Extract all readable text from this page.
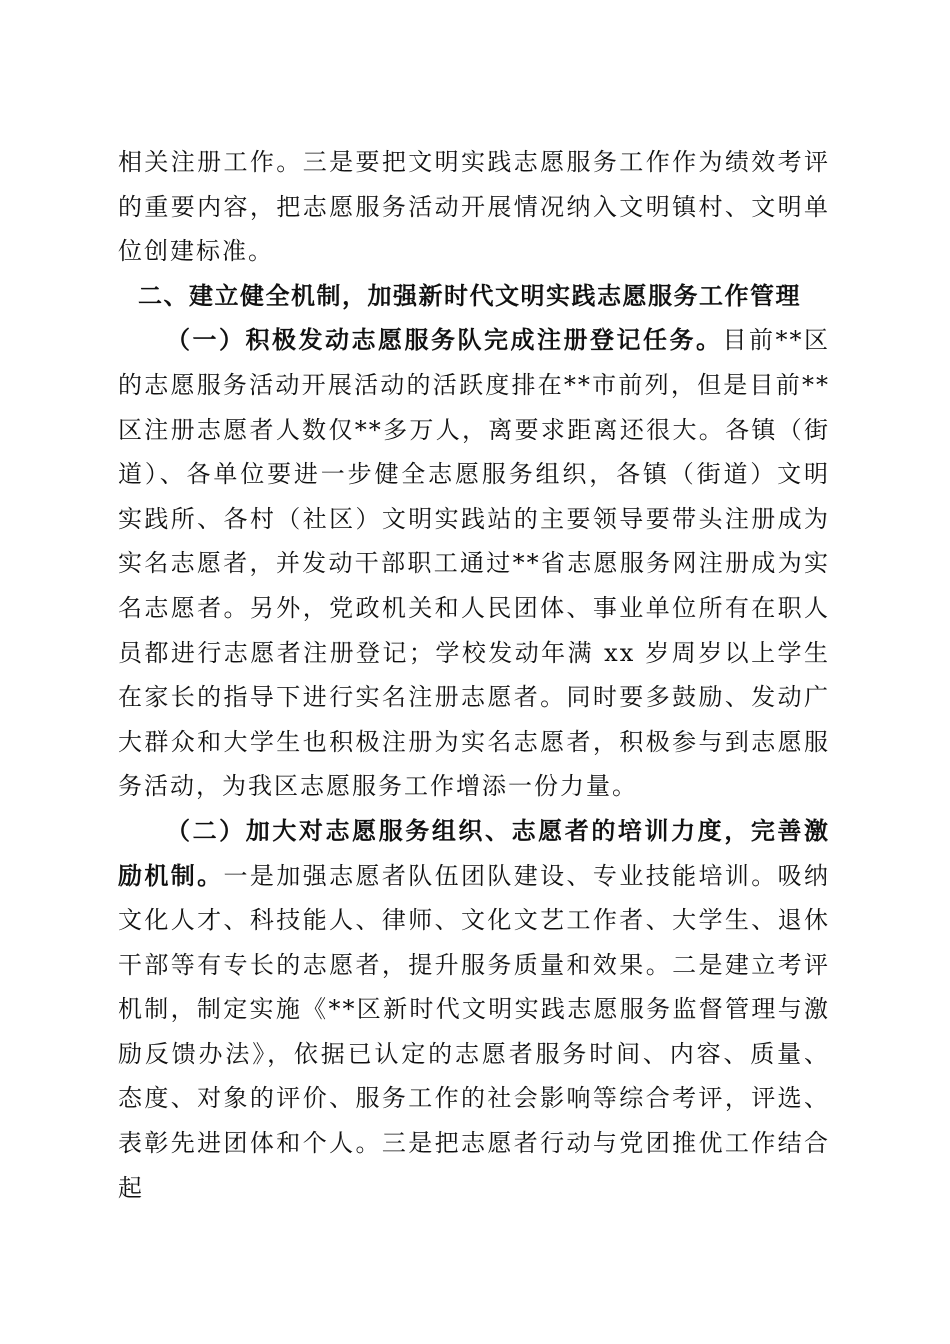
相关注册工作。三是要把文明实践志愿服务工作作为绩效考评的重要内容，把志愿服务活动开展情况纳入文明镇村、文明单位创建标准。

二、建立健全机制，加强新时代文明实践志愿服务工作管理

（一）积极发动志愿服务队完成注册登记任务。目前**区的志愿服务活动开展活动的活跃度排在**市前列，但是目前**区注册志愿者人数仅**多万人，离要求距离还很大。各镇（街道）、各单位要进一步健全志愿服务组织，各镇（街道）文明实践所、各村（社区）文明实践站的主要领导要带头注册成为实名志愿者，并发动干部职工通过**省志愿服务网注册成为实名志愿者。另外，党政机关和人民团体、事业单位所有在职人员都进行志愿者注册登记；学校发动年满 xx 岁周岁以上学生在家长的指导下进行实名注册志愿者。同时要多鼓励、发动广大群众和大学生也积极注册为实名志愿者，积极参与到志愿服务活动，为我区志愿服务工作增添一份力量。

（二）加大对志愿服务组织、志愿者的培训力度，完善激励机制。一是加强志愿者队伍团队建设、专业技能培训。吸纳文化人才、科技能人、律师、文化文艺工作者、大学生、退休干部等有专长的志愿者，提升服务质量和效果。二是建立考评机制，制定实施《**区新时代文明实践志愿服务监督管理与激励反馈办法》，依据已认定的志愿者服务时间、内容、质量、态度、对象的评价、服务工作的社会影响等综合考评，评选、表彰先进团体和个人。三是把志愿者行动与党团推优工作结合起
